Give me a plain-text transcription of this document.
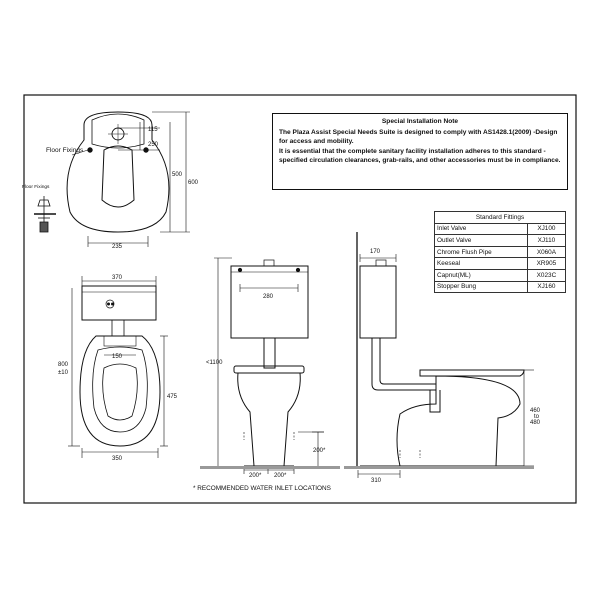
Floor Fixings
115
250
500
600
235
Floor Fixings
370
150
800
±10
475
350
280
<1100
200* 200*
200*
170
310
460
to
480
Special Installation Note

The Plaza Assist Special Needs Suite is designed to comply with AS1428.1(2009) -Design for access and mobility.

It is essential that the complete sanitary facility installation adheres to this standard - specified circulation clearances, grab-rails, and other accessories must be in compliance.

Standard Fittings	
Inlet Valve	XJ100
Outlet Valve	XJ110
Chrome Flush Pipe	X060A
Keeseal	XR905
Capnut(ML)	X023C
Stopper Bung	XJ160
* RECOMMENDED WATER INLET LOCATIONS
